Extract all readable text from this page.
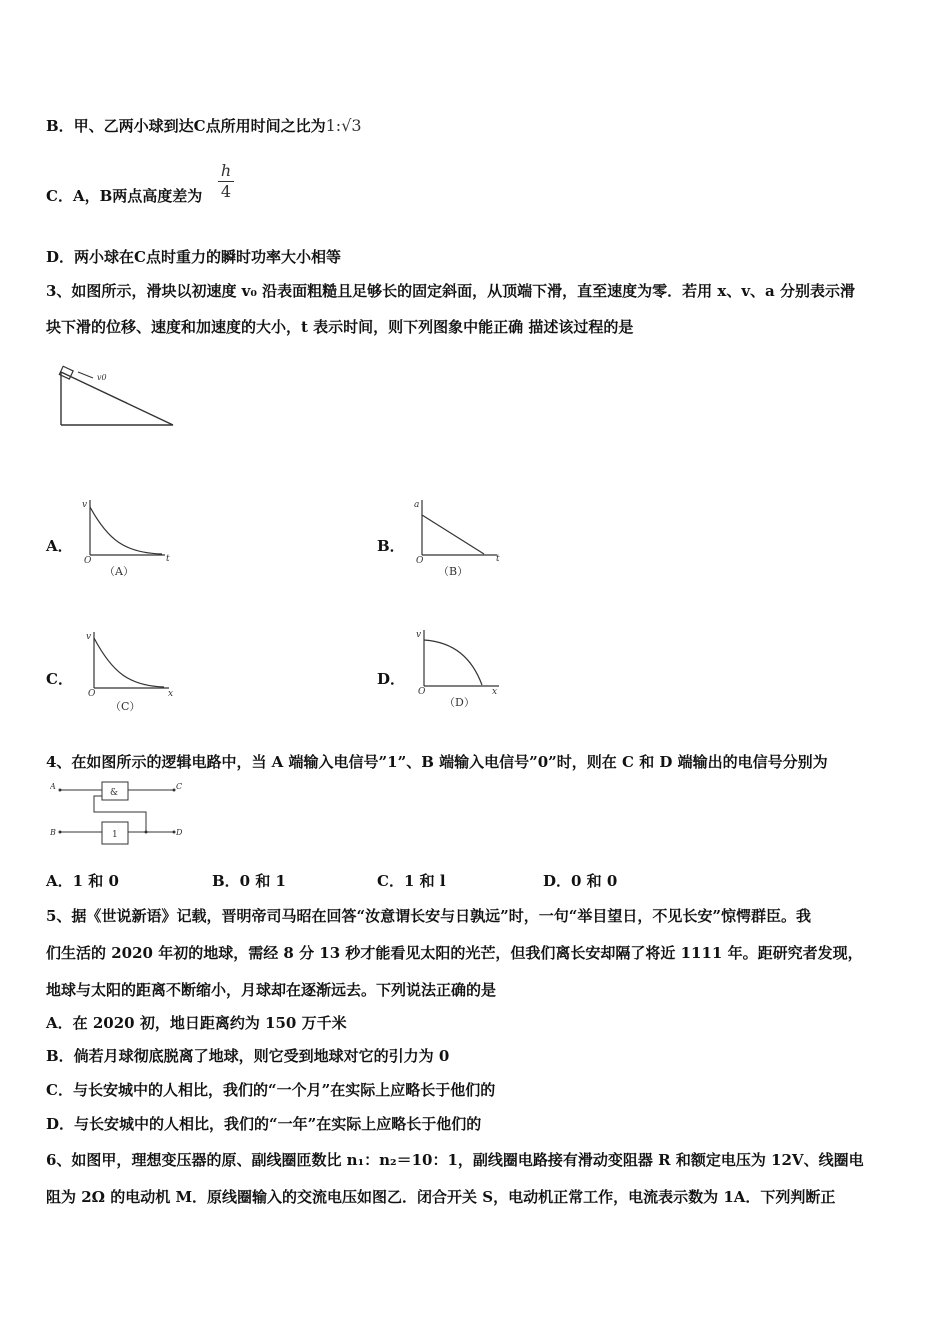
B．甲、乙两小球到达C点所用时间之比为1:√3
C．A，B两点高度差为 $\frac{h}{4}$
D．两小球在C点时重力的瞬时功率大小相等
3、如图所示，滑块以初速度 v₀ 沿表面粗糙且足够长的固定斜面，从顶端下滑，直至速度为零．若用 x、v、a 分别表示滑
块下滑的位移、速度和加速度的大小，t 表示时间，则下列图象中能正确 描述该过程的是
v0
A．
v
O	t
（A）
B．
a
O	t
（B）
C．
v
O	x
（C）
D．
v
O	x
（D）
4、在如图所示的逻辑电路中，当 A 端输入电信号”1”、B 端输入电信号”0”时，则在 C 和 D 端输出的电信号分别为
&
1
A
B
C
D
A．1 和 0	B．0 和 1	C．1 和 l	D．0 和 0
5、据《世说新语》记载，晋明帝司马昭在回答“汝意谓长安与日孰远”时，一句“举目望日，不见长安”惊愕群臣。我
们生活的 2020 年初的地球，需经 8 分 13 秒才能看见太阳的光芒，但我们离长安却隔了将近 1111 年。距研究者发现，
地球与太阳的距离不断缩小，月球却在逐渐远去。下列说法正确的是
A．在 2020 初，地日距离约为 150 万千米
B．倘若月球彻底脱离了地球，则它受到地球对它的引力为 0
C．与长安城中的人相比，我们的“一个月”在实际上应略长于他们的
D．与长安城中的人相比，我们的“一年”在实际上应略长于他们的
6、如图甲，理想变压器的原、副线圈匝数比 n₁：n₂＝10：1，副线圈电路接有滑动变阻器 R 和额定电压为 12V、线圈电
阻为 2Ω 的电动机 M．原线圈输入的交流电压如图乙．闭合开关 S，电动机正常工作，电流表示数为 1A．下列判断正
